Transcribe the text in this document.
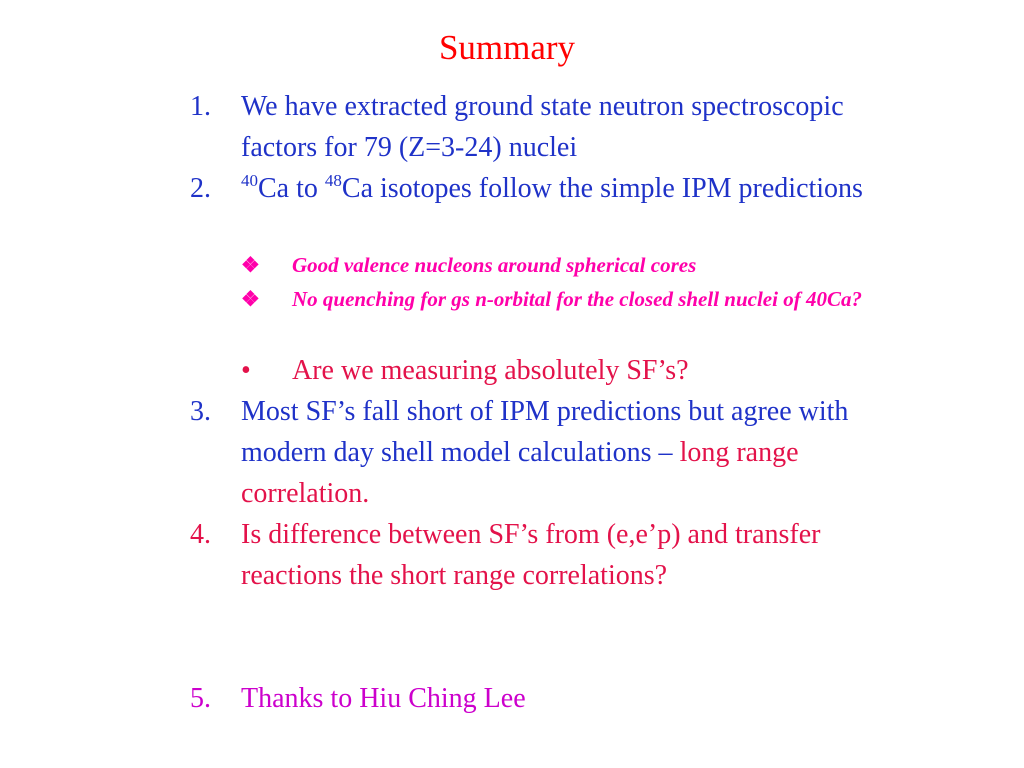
Summary
1. We have extracted ground state neutron spectroscopic factors for 79 (Z=3-24) nuclei
2. $^{40}$Ca to $^{48}$Ca isotopes follow the simple IPM predictions
❖ Good valence nucleons around spherical cores
❖ No quenching for gs n-orbital for the closed shell nuclei of 40Ca?
• Are we measuring absolutely SF’s?
3. Most SF’s fall short of IPM predictions but agree with modern day shell model calculations – long range correlation.
4. Is difference between SF’s from (e,e’p) and transfer reactions the short range correlations?
5. Thanks to Hiu Ching Lee
